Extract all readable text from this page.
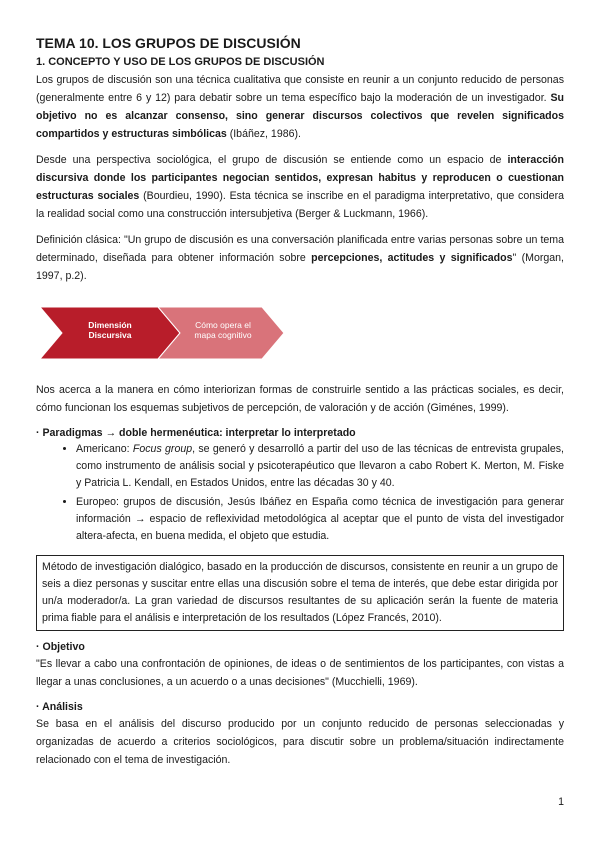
TEMA 10. LOS GRUPOS DE DISCUSIÓN
1. CONCEPTO Y USO DE LOS GRUPOS DE DISCUSIÓN

Los grupos de discusión son una técnica cualitativa que consiste en reunir a un conjunto reducido de personas (generalmente entre 6 y 12) para debatir sobre un tema específico bajo la moderación de un investigador. Su objetivo no es alcanzar consenso, sino generar discursos colectivos que revelen significados compartidos y estructuras simbólicas (Ibáñez, 1986).

Desde una perspectiva sociológica, el grupo de discusión se entiende como un espacio de interacción discursiva donde los participantes negocian sentidos, expresan habitus y reproducen o cuestionan estructuras sociales (Bourdieu, 1990). Esta técnica se inscribe en el paradigma interpretativo, que considera la realidad social como una construcción intersubjetiva (Berger & Luckmann, 1966).

Definición clásica: "Un grupo de discusión es una conversación planificada entre varias personas sobre un tema determinado, diseñada para obtener información sobre percepciones, actitudes y significados" (Morgan, 1997, p.2).

Dimensión Discursiva
Cómo opera el mapa cognitivo

Nos acerca a la manera en cómo interiorizan formas de construirle sentido a las prácticas sociales, es decir, cómo funcionan los esquemas subjetivos de percepción, de valoración y de acción (Giménes, 1999).

· Paradigmas → doble hermenéutica: interpretar lo interpretado
• Americano: Focus group, se generó y desarrolló a partir del uso de las técnicas de entrevista grupales, como instrumento de análisis social y psicoterapéutico que llevaron a cabo Robert K. Merton, M. Fiske y Patricia L. Kendall, en Estados Unidos, entre las décadas 30 y 40.
• Europeo: grupos de discusión, Jesús Ibáñez en España como técnica de investigación para generar información → espacio de reflexividad metodológica al aceptar que el punto de vista del investigador altera-afecta, en buena medida, el objeto que estudia.

Método de investigación dialógico, basado en la producción de discursos, consistente en reunir a un grupo de seis a diez personas y suscitar entre ellas una discusión sobre el tema de interés, que debe estar dirigida por un/a moderador/a. La gran variedad de discursos resultantes de su aplicación serán la fuente de materia prima fiable para el análisis e interpretación de los resultados (López Francés, 2010).

· Objetivo

"Es llevar a cabo una confrontación de opiniones, de ideas o de sentimientos de los participantes, con vistas a llegar a unas conclusiones, a un acuerdo o a unas decisiones" (Mucchielli, 1969).

· Análisis

Se basa en el análisis del discurso producido por un conjunto reducido de personas seleccionadas y organizadas de acuerdo a criterios sociológicos, para discutir sobre un problema/situación indirectamente relacionado con el tema de investigación.

1
